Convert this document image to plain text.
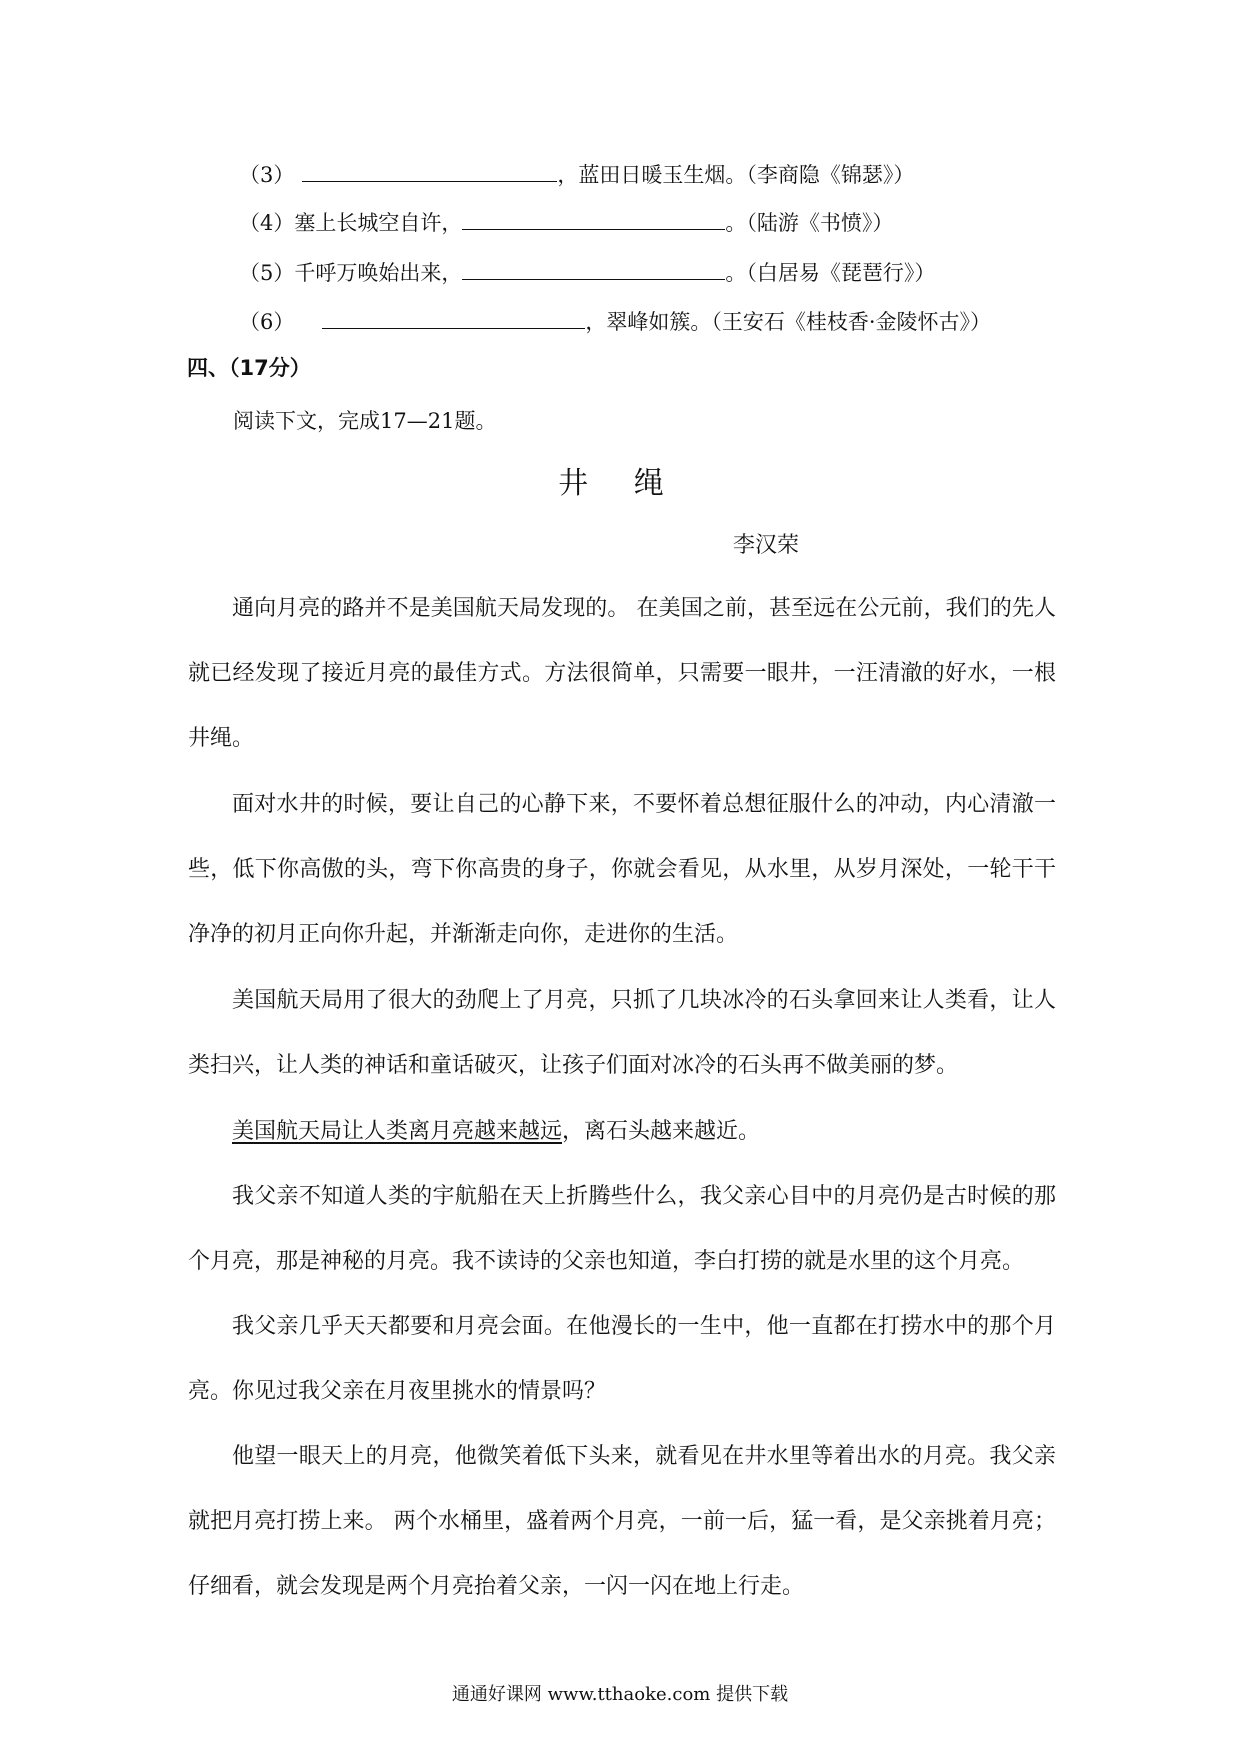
（3）	，蓝田日暖玉生烟。（李商隐《锦瑟》）
（4）塞上长城空自许，	。（陆游《书愤》）
（5）千呼万唤始出来，	。（白居易《琵琶行》）
（6）	，翠峰如簇。（王安石《桂枝香·金陵怀古》）
四、（17分）
阅读下文，完成17—21题。
井 绳
李汉荣
通向月亮的路并不是美国航天局发现的。 在美国之前，甚至远在公元前，我们的先人就已经发现了接近月亮的最佳方式。方法很简单，只需要一眼井，一汪清澈的好水，一根井绳。
面对水井的时候，要让自己的心静下来，不要怀着总想征服什么的冲动，内心清澈一些，低下你高傲的头，弯下你高贵的身子，你就会看见，从水里，从岁月深处，一轮干干净净的初月正向你升起，并渐渐走向你，走进你的生活。
美国航天局用了很大的劲爬上了月亮，只抓了几块冰冷的石头拿回来让人类看，让人类扫兴，让人类的神话和童话破灭，让孩子们面对冰冷的石头再不做美丽的梦。
美国航天局让人类离月亮越来越远，离石头越来越近。
我父亲不知道人类的宇航船在天上折腾些什么，我父亲心目中的月亮仍是古时候的那个月亮，那是神秘的月亮。我不读诗的父亲也知道，李白打捞的就是水里的这个月亮。
我父亲几乎天天都要和月亮会面。在他漫长的一生中，他一直都在打捞水中的那个月亮。 你见过我父亲在月夜里挑水的情景吗？
他望一眼天上的月亮，他微笑着低下头来，就看见在井水里等着出水的月亮。我父亲就把月亮打捞上来。 两个水桶里，盛着两个月亮，一前一后，猛一看，是父亲挑着月亮；仔细看，就会发现是两个月亮抬着父亲，一闪一闪在地上行走。
通通好课网 www.tthaoke.com 提供下载
